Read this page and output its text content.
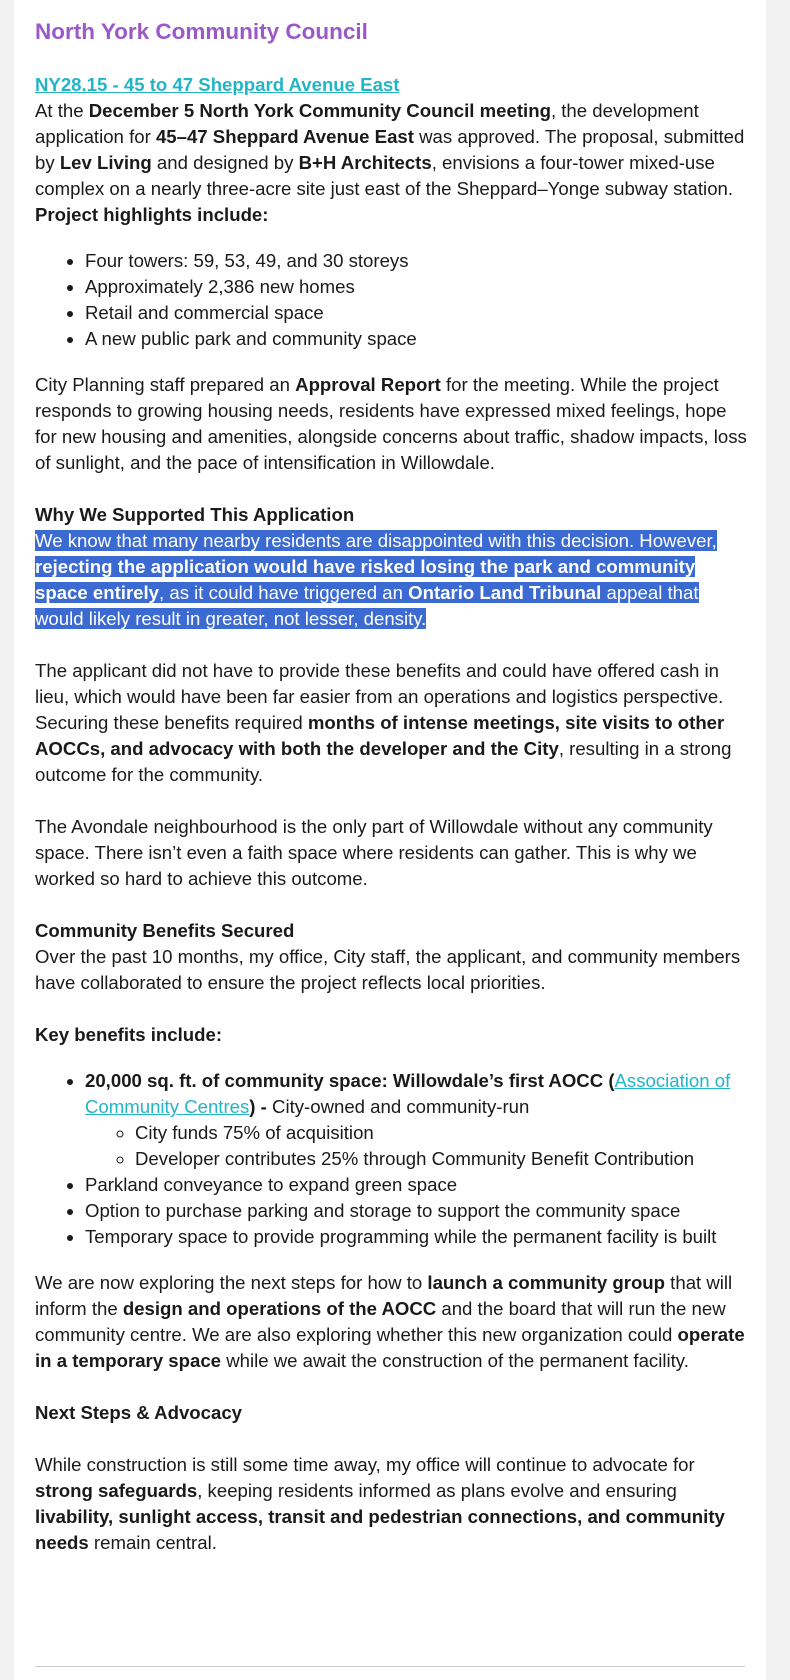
North York Community Council

NY28.15 - 45 to 47 Sheppard Avenue East
At the December 5 North York Community Council meeting, the development application for 45–47 Sheppard Avenue East was approved. The proposal, submitted by Lev Living and designed by B+H Architects, envisions a four-tower mixed-use complex on a nearly three-acre site just east of the Sheppard–Yonge subway station.
Project highlights include:

• Four towers: 59, 53, 49, and 30 storeys
• Approximately 2,386 new homes
• Retail and commercial space
• A new public park and community space

City Planning staff prepared an Approval Report for the meeting. While the project responds to growing housing needs, residents have expressed mixed feelings, hope for new housing and amenities, alongside concerns about traffic, shadow impacts, loss of sunlight, and the pace of intensification in Willowdale.

Why We Supported This Application
We know that many nearby residents are disappointed with this decision. However, rejecting the application would have risked losing the park and community space entirely, as it could have triggered an Ontario Land Tribunal appeal that would likely result in greater, not lesser, density.

The applicant did not have to provide these benefits and could have offered cash in lieu, which would have been far easier from an operations and logistics perspective. Securing these benefits required months of intense meetings, site visits to other AOCCs, and advocacy with both the developer and the City, resulting in a strong outcome for the community.

The Avondale neighbourhood is the only part of Willowdale without any community space. There isn’t even a faith space where residents can gather. This is why we worked so hard to achieve this outcome.

Community Benefits Secured
Over the past 10 months, my office, City staff, the applicant, and community members have collaborated to ensure the project reflects local priorities.

Key benefits include:

• 20,000 sq. ft. of community space: Willowdale’s first AOCC (Association of Community Centres) - City-owned and community-run
◦ City funds 75% of acquisition
◦ Developer contributes 25% through Community Benefit Contribution
• Parkland conveyance to expand green space
• Option to purchase parking and storage to support the community space
• Temporary space to provide programming while the permanent facility is built

We are now exploring the next steps for how to launch a community group that will inform the design and operations of the AOCC and the board that will run the new community centre. We are also exploring whether this new organization could operate in a temporary space while we await the construction of the permanent facility.

Next Steps & Advocacy

While construction is still some time away, my office will continue to advocate for strong safeguards, keeping residents informed as plans evolve and ensuring livability, sunlight access, transit and pedestrian connections, and community needs remain central.
